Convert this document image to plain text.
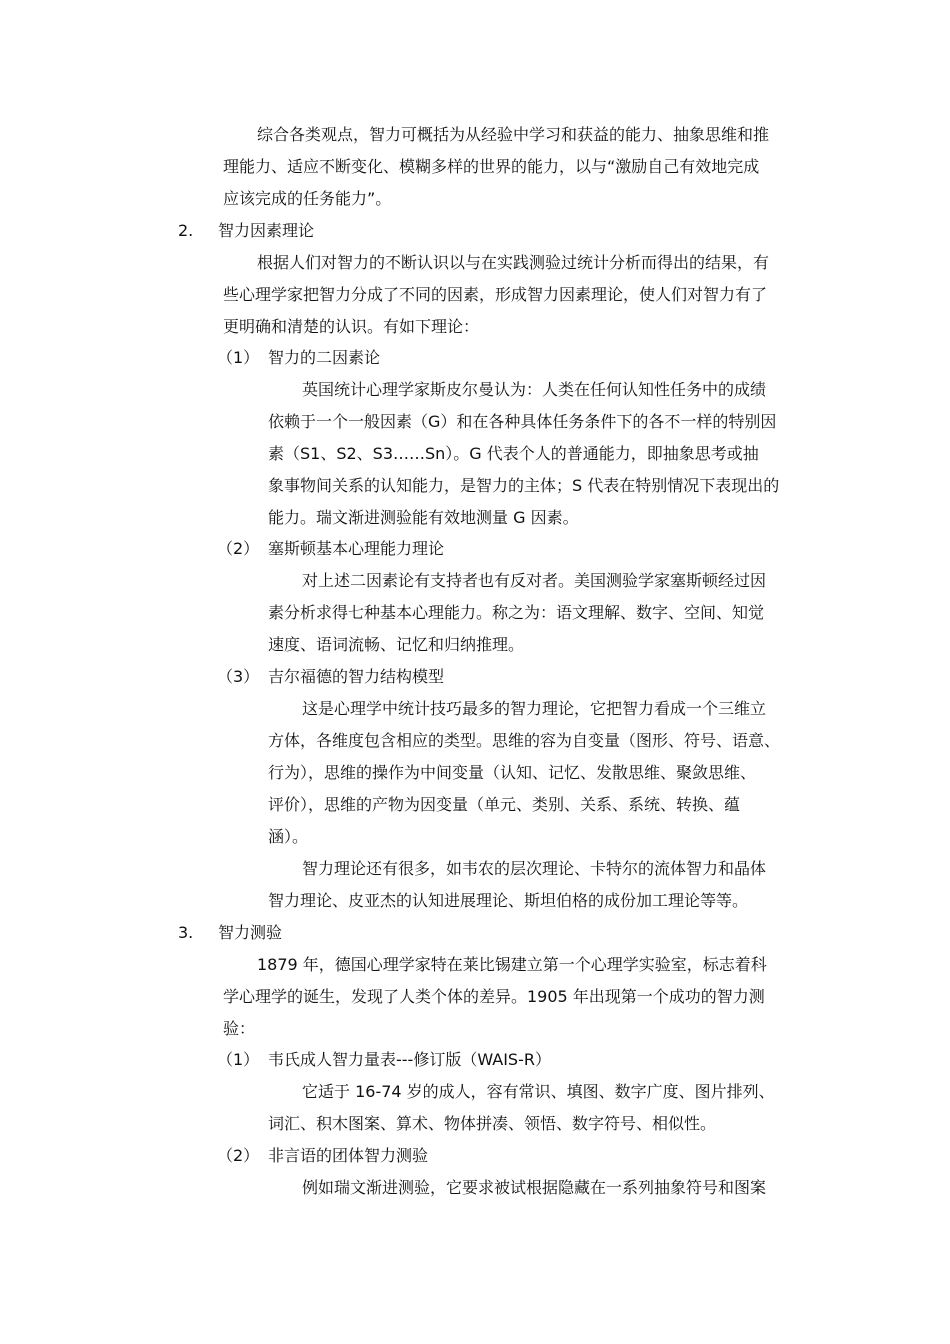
综合各类观点，智力可概括为从经验中学习和获益的能力、抽象思维和推
理能力、适应不断变化、模糊多样的世界的能力，以与“激励自己有效地完成
应该完成的任务能力”。
2. 智力因素理论
根据人们对智力的不断认识以与在实践测验过统计分析而得出的结果，有
些心理学家把智力分成了不同的因素，形成智力因素理论，使人们对智力有了
更明确和清楚的认识。有如下理论：
（1） 智力的二因素论
英国统计心理学家斯皮尔曼认为：人类在任何认知性任务中的成绩
依赖于一个一般因素（G）和在各种具体任务条件下的各不一样的特别因
素（S1、S2、S3……Sn）。G 代表个人的普通能力，即抽象思考或抽
象事物间关系的认知能力，是智力的主体；S 代表在特别情况下表现出的
能力。瑞文渐进测验能有效地测量 G 因素。
（2） 塞斯顿基本心理能力理论
对上述二因素论有支持者也有反对者。美国测验学家塞斯顿经过因
素分析求得七种基本心理能力。称之为：语文理解、数字、空间、知觉
速度、语词流畅、记忆和归纳推理。
（3） 吉尔福德的智力结构模型
这是心理学中统计技巧最多的智力理论，它把智力看成一个三维立
方体，各维度包含相应的类型。思维的容为自变量（图形、符号、语意、
行为），思维的操作为中间变量（认知、记忆、发散思维、聚敛思维、
评价），思维的产物为因变量（单元、类别、关系、系统、转换、蕴
涵）。
智力理论还有很多，如韦农的层次理论、卡特尔的流体智力和晶体
智力理论、皮亚杰的认知进展理论、斯坦伯格的成份加工理论等等。
3. 智力测验
1879 年，德国心理学家特在莱比锡建立第一个心理学实验室，标志着科
学心理学的诞生，发现了人类个体的差异。1905 年出现第一个成功的智力测
验：
（1） 韦氏成人智力量表---修订版（WAIS-R）
它适于 16-74 岁的成人，容有常识、填图、数字广度、图片排列、
词汇、积木图案、算术、物体拼凑、领悟、数字符号、相似性。
（2） 非言语的团体智力测验
例如瑞文渐进测验，它要求被试根据隐藏在一系列抽象符号和图案
